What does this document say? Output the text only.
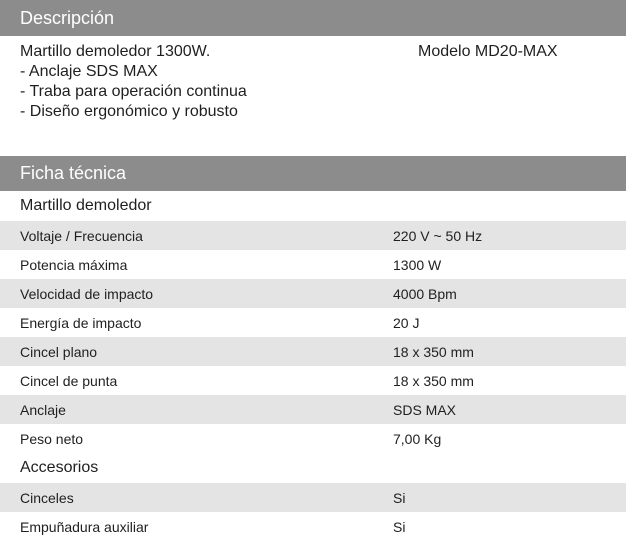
Descripción
Martillo demoledor 1300W.
- Anclaje SDS MAX
- Traba para operación continua
- Diseño ergonómico y robusto
Modelo MD20-MAX
Ficha técnica
Martillo demoledor
Voltaje / Frecuencia	220 V ~ 50 Hz
Potencia máxima	1300 W
Velocidad de impacto	4000 Bpm
Energía de impacto	20 J
Cincel plano	18 x 350 mm
Cincel de punta	18 x 350 mm
Anclaje	SDS MAX
Peso neto	7,00 Kg
Accesorios
Cinceles	Si
Empuñadura auxiliar	Si
